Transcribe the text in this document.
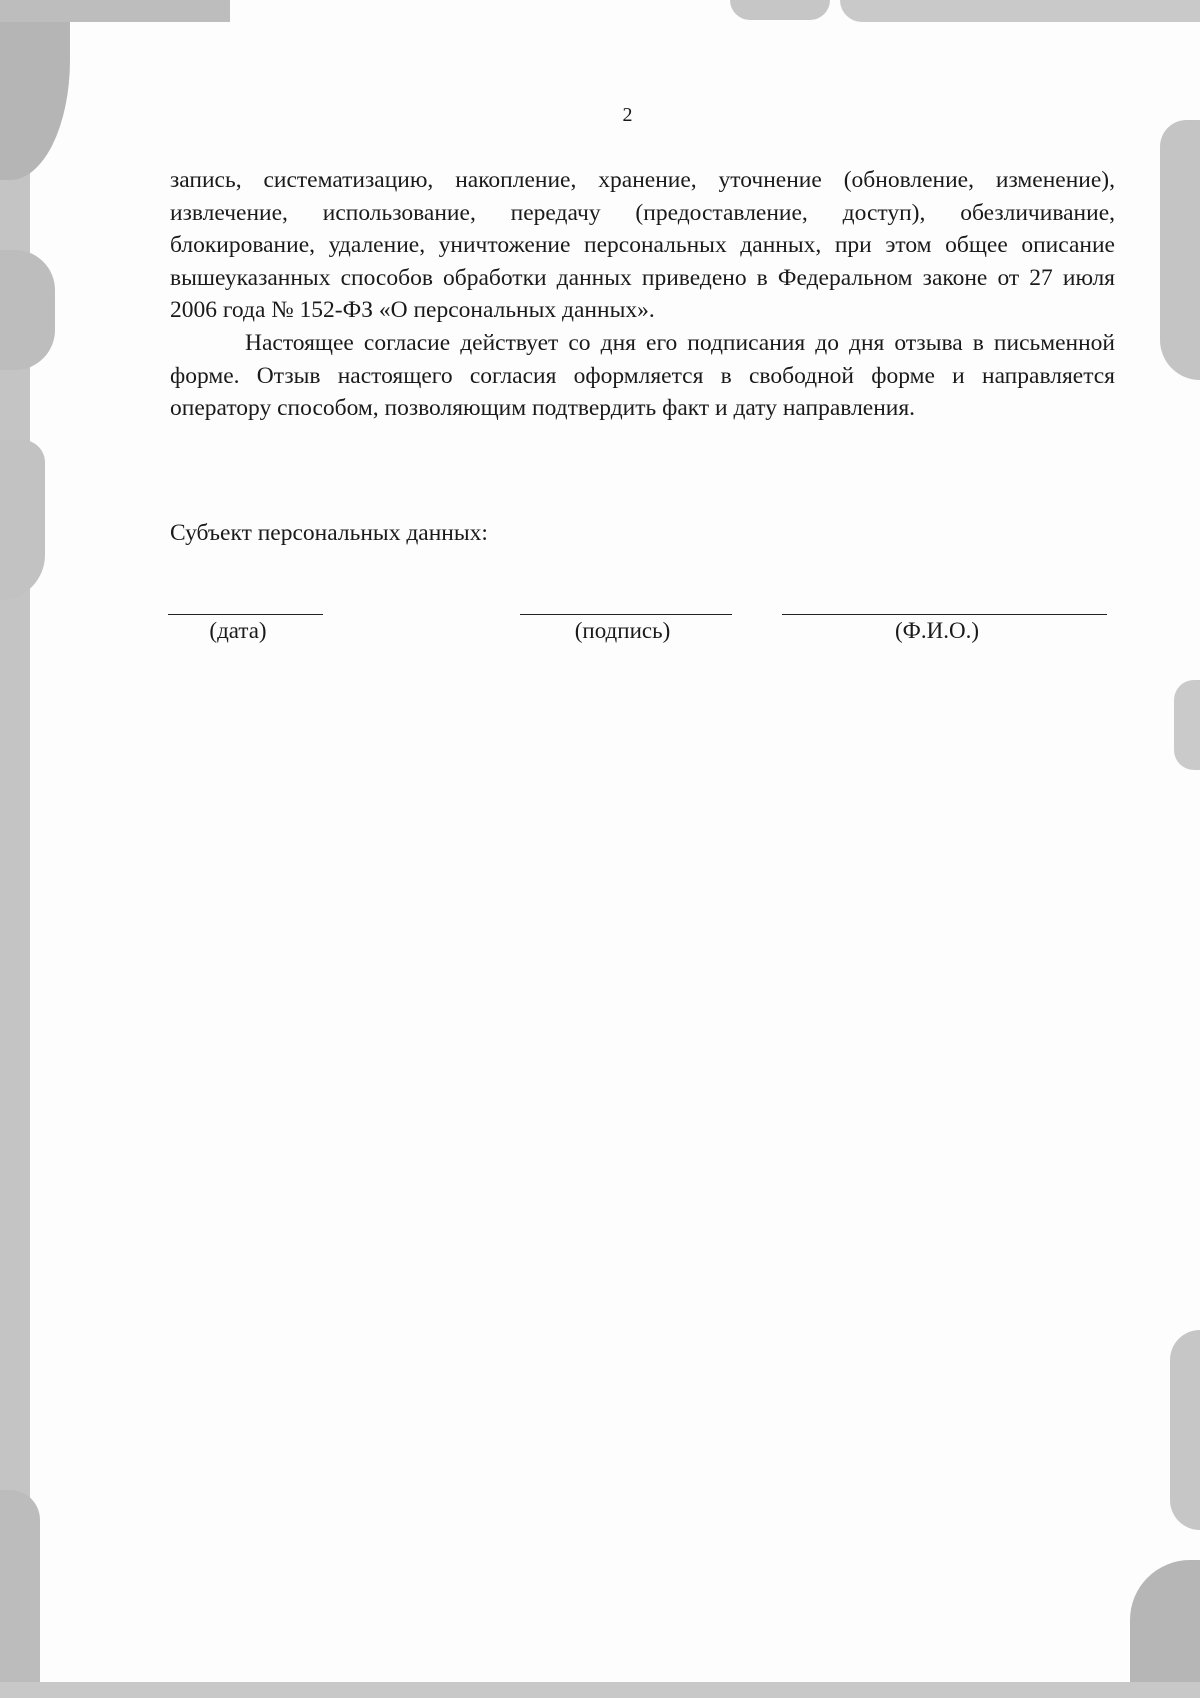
2

запись, систематизацию, накопление, хранение, уточнение (обновление, изменение), извлечение, использование, передачу (предоставление, доступ), обезличивание, блокирование, удаление, уничтожение персональных данных, при этом общее описание вышеуказанных способов обработки данных приведено в Федеральном законе от 27 июля 2006 года № 152-ФЗ «О персональных данных».

Настоящее согласие действует со дня его подписания до дня отзыва в письменной форме. Отзыв настоящего согласия оформляется в свободной форме и направляется оператору способом, позволяющим подтвердить факт и дату направления.

Субъект персональных данных:
(дата)	(подпись)	(Ф.И.О.)
